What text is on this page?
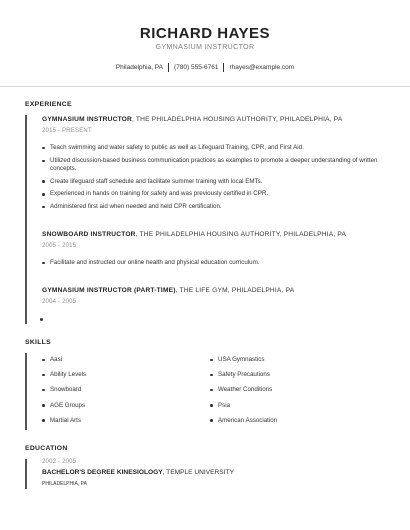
RICHARD HAYES
GYMNASIUM INSTRUCTOR
Philadelphia, PA (780) 555-6761 rhayes@example.com
EXPERIENCE
GYMNASIUM INSTRUCTOR, THE PHILADELPHIA HOUSING AUTHORITY, PHILADELPHIA, PA
2015 - PRESENT
Teach swimming and water safety to public as well as Lifeguard Training, CPR, and First Aid.
Utilized discussion-based business communication practices as examples to promote a deeper understanding of written concepts.
Create lifeguard staff schedule and facilitate summer training with local EMTs.
Experienced in hands on training for safety and was previously certified in CPR.
Administered first aid when needed and held CPR certification.
SNOWBOARD INSTRUCTOR, THE PHILADELPHIA HOUSING AUTHORITY, PHILADELPHIA, PA
2005 - 2015
Facilitate and instructed our online health and physical education curriculum.
GYMNASIUM INSTRUCTOR (PART-TIME), THE LIFE GYM, PHILADELPHIA, PA
2004 - 2005
SKILLS
Aasi
Ability Levels
Snowboard
AGE Groups
Martial Arts
USA Gymnastics
Safety Precautions
Weather Conditions
Psia
American Association
EDUCATION
2002 - 2005
BACHELOR'S DEGREE KINESIOLOGY, TEMPLE UNIVERSITY
PHILADELPHIA, PA
